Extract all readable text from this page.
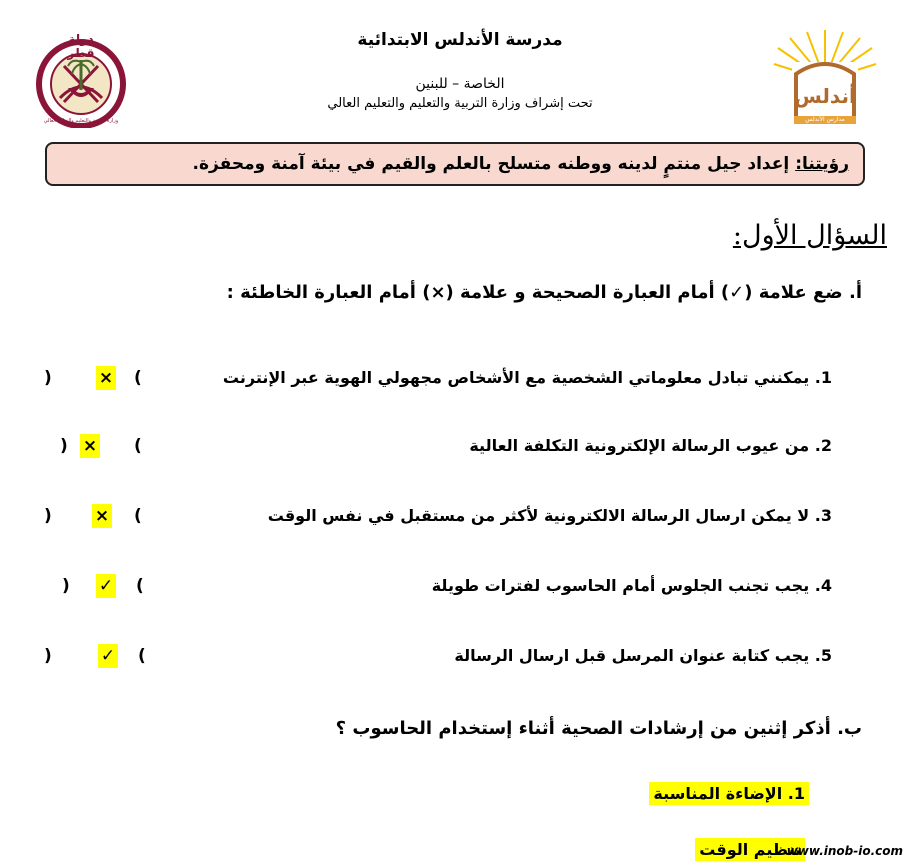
دولة قطر
وزارة التربية والتعليم والتعليم العالي
أندلس
مدارس الأندلس
مدرسة الأندلس الابتدائية
الخاصة – للبنين
تحت إشراف وزارة التربية والتعليم والتعليم العالي
رؤيتنا:
إعداد جيل منتمٍ لدينه ووطنه متسلح بالعلم والقيم في بيئة آمنة ومحفزة.
السؤال الأول:
أ. ضع علامة (✓) أمام العبارة الصحيحة و علامة (×) أمام العبارة الخاطئة :
1. يمكنني تبادل معلوماتي الشخصية مع الأشخاص مجهولي الهوية عبر الإنترنت
)	× (
2. من عيوب الرسالة الإلكترونية التكلفة العالية
) × (
3. لا يمكن ارسال الرسالة الالكترونية لأكثر من مستقبل في نفس الوقت
)	× (
4. يجب تجنب الجلوس أمام الحاسوب لفترات طويلة
) ✓ (
5. يجب كتابة عنوان المرسل قبل ارسال الرسالة
)	✓ (
ب. أذكر إثنين من إرشادات الصحية أثناء إستخدام الحاسوب ؟
1. الإضاءة المناسبة
تنظيم الوقت
www.inob-io.com
